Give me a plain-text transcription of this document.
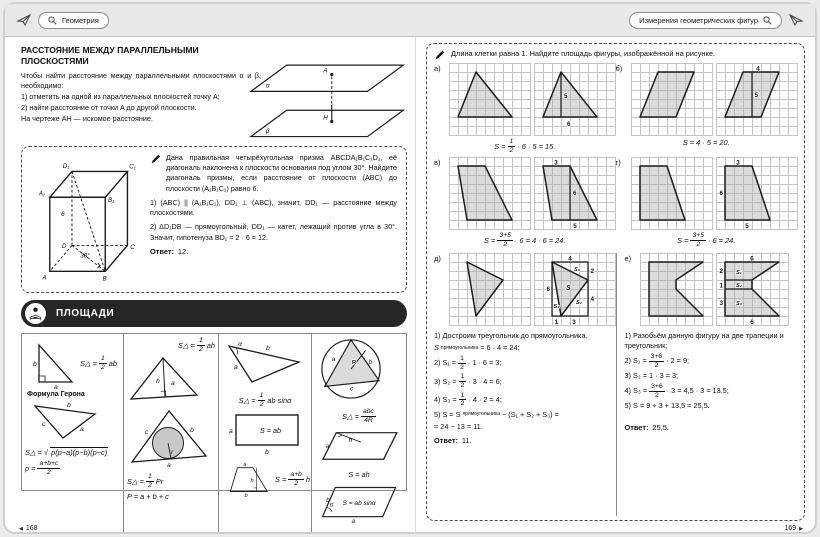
Геометрия	Измерения геометрических фигур
РАССТОЯНИЕ МЕЖДУ ПАРАЛЛЕЛЬНЫМИ ПЛОСКОСТЯМИ

Чтобы найти расстояние между параллельными плоскостями α и β, необходимо:

1) отметить на одной из параллельных плоскостей точку A;

2) найти расстояние от точки A до другой плоскости.

На чертеже AH — искомое расстояние.

α
β
A
H
A	B
C
D
A₁
B₁
C₁
D₁
6
30°

Дана правильная четырёхугольная призма ABCDA₁B₁C₁D₁, её диагональ наклонена к плоскости основания под углом 30°. Найдите диагональ призмы, если расстояние от плоскости (ABC) до плоскости (A₁B₁C₁) равно 6.

1) (ABC) || (A₁B₁C₁), DD₁ ⊥ (ABC), значит, DD₁ — расстояние между плоскостями.

2) ΔD₁DB — прямоугольный, DD₁ — катет, лежащий против угла в 30°. Значит, гипотенуза BD₁ = 2 · 6 = 12.

Ответ: 12.

ПЛОЩАДИ
b
a
S△ = $\frac{1}{2}$ ab
Формула Герона
b
c
a
S△ = √ p(p−a)(p−b)(p−c)
$p = \frac{a+b+c}{2}$
S△ = $\frac{1}{2}$ ah
h a

c	b
r
a
S△ = $\frac{1}{2}$ Pr
P = a + b + c
α
b
a
S△ = $\frac{1}{2}$ ab sinα
S = ab
a
b
a
h
b
$S = \frac{a+b}{2}$ h
a	b
c
R
S△ =
abc
4R
a
h
S = ah
b
α
a
S = ab sinα
◀ 168
Длина клетки равна 1. Найдите площадь фигуры, изображённой на рисунке.
а)
5
6
$S = \frac{1}{2} \cdot 6 \cdot 5 = 15$.
б)	4
5
S = 4 · 5 = 20.
в)	3
6
5
$S = \frac{3+5}{2} \cdot 6 = 4 \cdot 6 = 24$.
г)	3
6
5
$S = \frac{3+5}{2} \cdot 6 = 24$.
д)	4
2
4
6
1 3
S
S₁
S₂
S₃
1) Достроим треугольник до прямоугольника.
S прямоугольника = 6 · 4 = 24;
2) $S_1 = \frac{1}{2} \cdot 1 \cdot 6 = 3$;
3) $S_2 = \frac{1}{2} \cdot 3 \cdot 4 = 6$;
4) $S_3 = \frac{1}{2} \cdot 4 \cdot 2 = 4$;
5) S = S прямоугольника − (S₁ + S₂ + S₃) =
= 24 − 13 = 11.

Ответ: 11.

е)	6
2
1
3
6
S₁
S₂
S₃
1) Разобьём данную фигуру на две трапеции и треугольник;
2) $S_1 = \frac{3+6}{2} \cdot 2 = 9$;
3) S₂ = 1 · 3 = 3;
4) $S_3 = \frac{3+6}{2} \cdot 3 = 4,5 \cdot 3 = 13,5$;
5) S = 9 + 3 + 13,5 = 25,5.

Ответ: 25,5.

169 ▶
